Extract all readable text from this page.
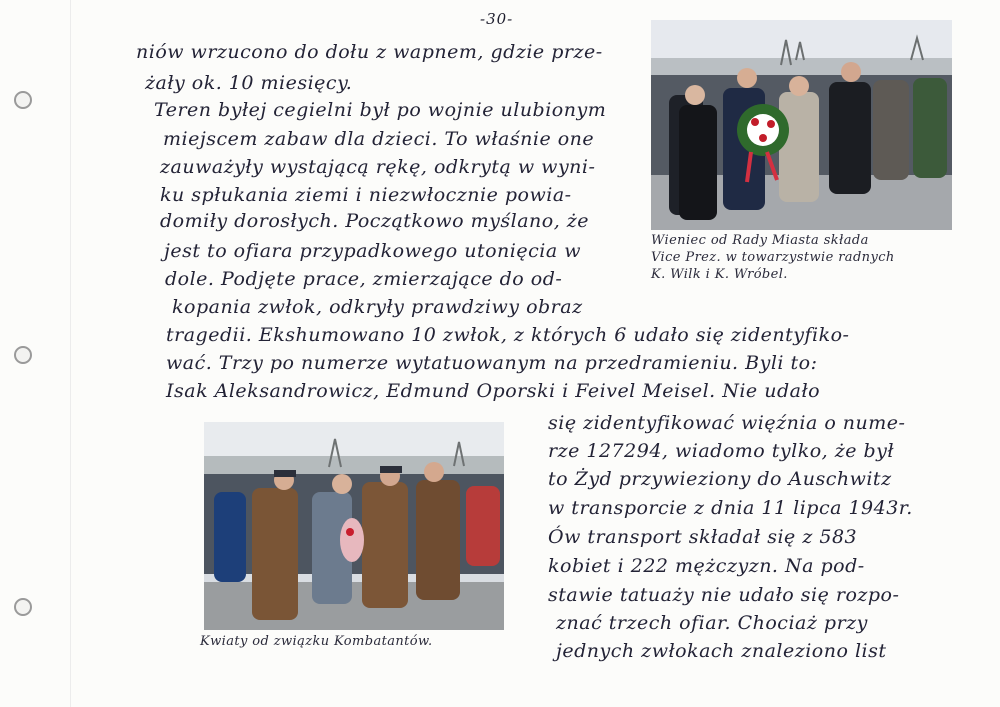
-30-
niów wrzucono do dołu z wapnem, gdzie prze-
żały ok. 10 miesięcy.
Teren byłej cegielni był po wojnie ulubionym
miejscem zabaw dla dzieci. To właśnie one
zauważyły wystającą rękę, odkrytą w wyni-
ku spłukania ziemi i niezwłocznie powia-
domiły dorosłych. Początkowo myślano, że
jest to ofiara przypadkowego utonięcia w
dole. Podjęte prace, zmierzające do od-
kopania zwłok, odkryły prawdziwy obraz
tragedii. Ekshumowano 10 zwłok, z których 6 udało się zidentyfiko-
wać. Trzy po numerze wytatuowanym na przedramieniu. Byli to:
Isak Aleksandrowicz, Edmund Oporski i Feivel Meisel. Nie udało
się zidentyfikować więźnia o nume-
rze 127294, wiadomo tylko, że był
to Żyd przywieziony do Auschwitz
w transporcie z dnia 11 lipca 1943r.
Ów transport składał się z 583
kobiet i 222 mężczyzn. Na pod-
stawie tatuaży nie udało się rozpo-
znać trzech ofiar. Chociaż przy
jednych zwłokach znaleziono list
Wieniec od Rady Miasta składa
Vice Prez. w towarzystwie radnych
K. Wilk i K. Wróbel.
Kwiaty od związku Kombatantów.
